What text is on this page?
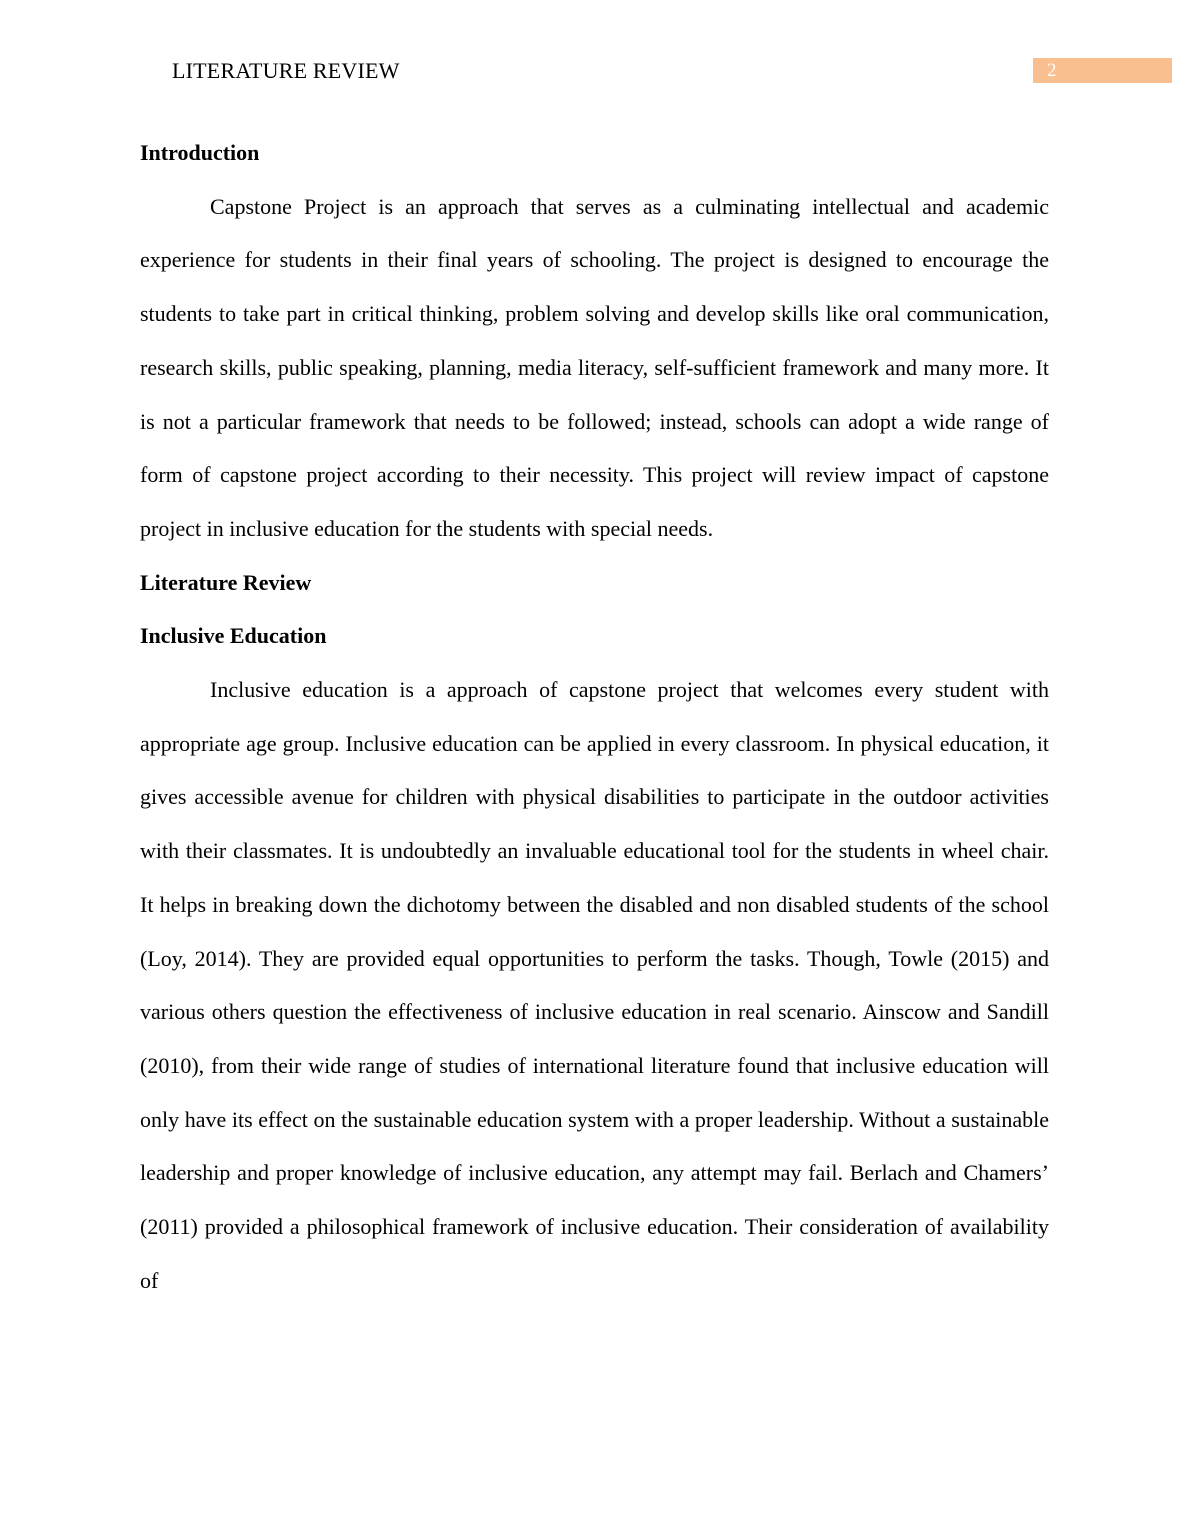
LITERATURE REVIEW	2

Introduction

Capstone Project is an approach that serves as a culminating intellectual and academic experience for students in their final years of schooling. The project is designed to encourage the students to take part in critical thinking, problem solving and develop skills like oral communication, research skills, public speaking, planning, media literacy, self-sufficient framework and many more. It is not a particular framework that needs to be followed; instead, schools can adopt a wide range of form of capstone project according to their necessity. This project will review impact of capstone project in inclusive education for the students with special needs.

Literature Review

Inclusive Education

Inclusive education is a approach of capstone project that welcomes every student with appropriate age group. Inclusive education can be applied in every classroom. In physical education, it gives accessible avenue for children with physical disabilities to participate in the outdoor activities with their classmates. It is undoubtedly an invaluable educational tool for the students in wheel chair. It helps in breaking down the dichotomy between the disabled and non disabled students of the school (Loy, 2014). They are provided equal opportunities to perform the tasks. Though, Towle (2015) and various others question the effectiveness of inclusive education in real scenario. Ainscow and Sandill (2010), from their wide range of studies of international literature found that inclusive education will only have its effect on the sustainable education system with a proper leadership. Without a sustainable leadership and proper knowledge of inclusive education, any attempt may fail. Berlach and Chamers’ (2011) provided a philosophical framework of inclusive education. Their consideration of availability of
